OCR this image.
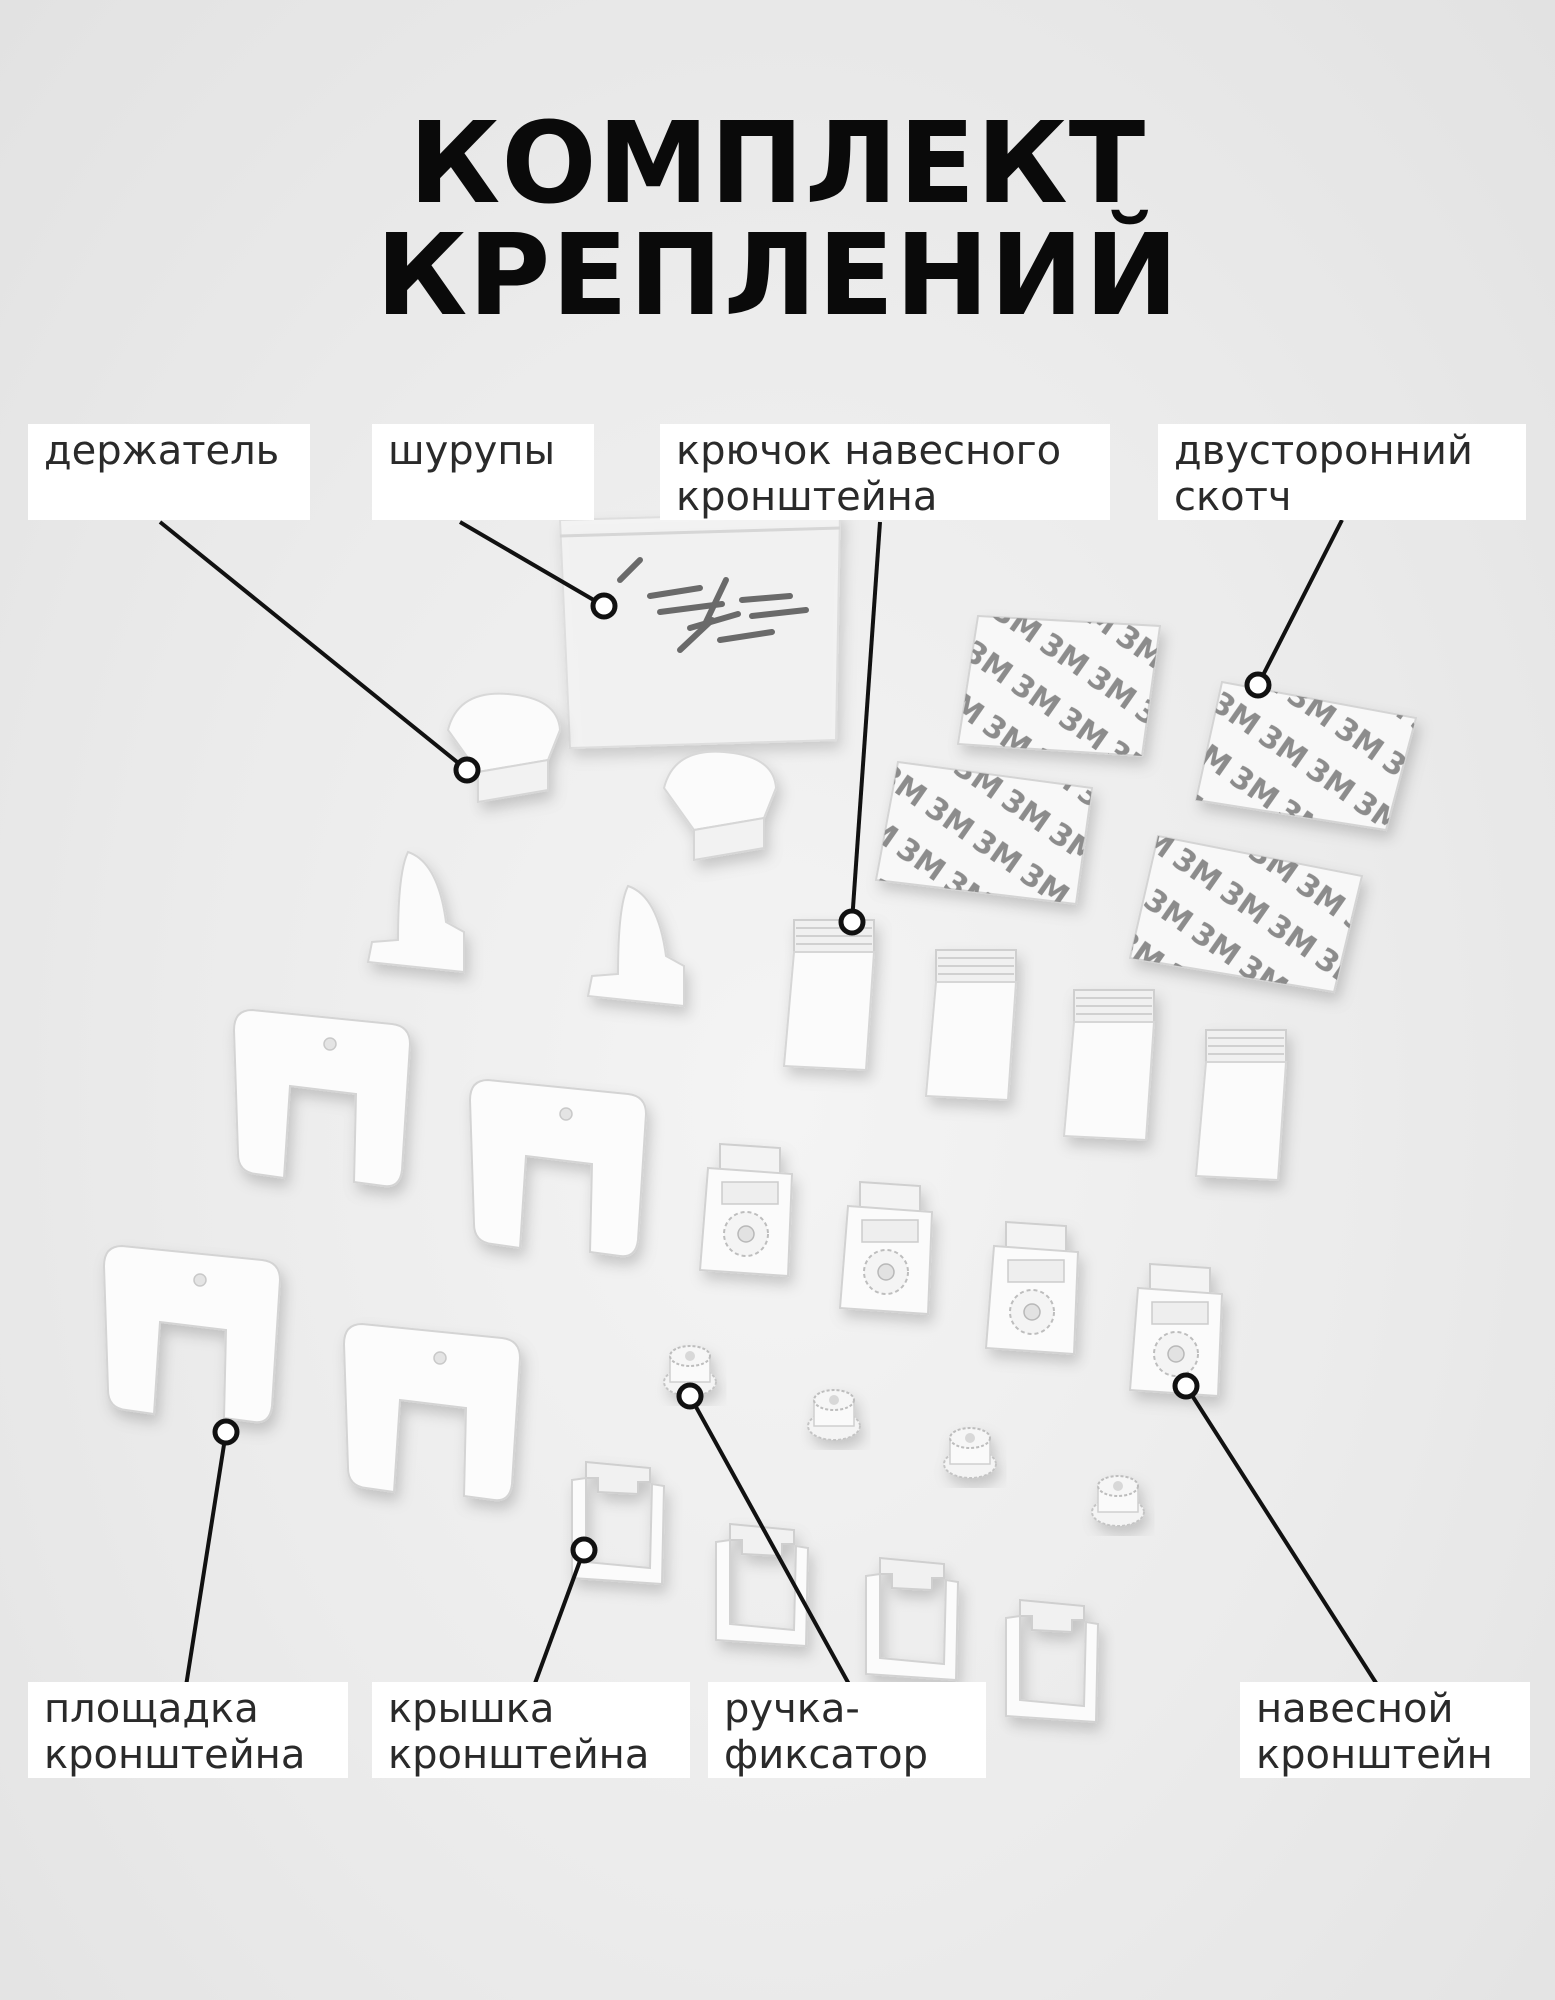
КОМПЛЕКТ КРЕПЛЕНИЙ
держатель	шурупы	крючок навесного
кронштейна
двусторонний
скотч
площадка
кронштейна
крышка
кронштейна
ручка-
фиксатор
навесной
кронштейн
